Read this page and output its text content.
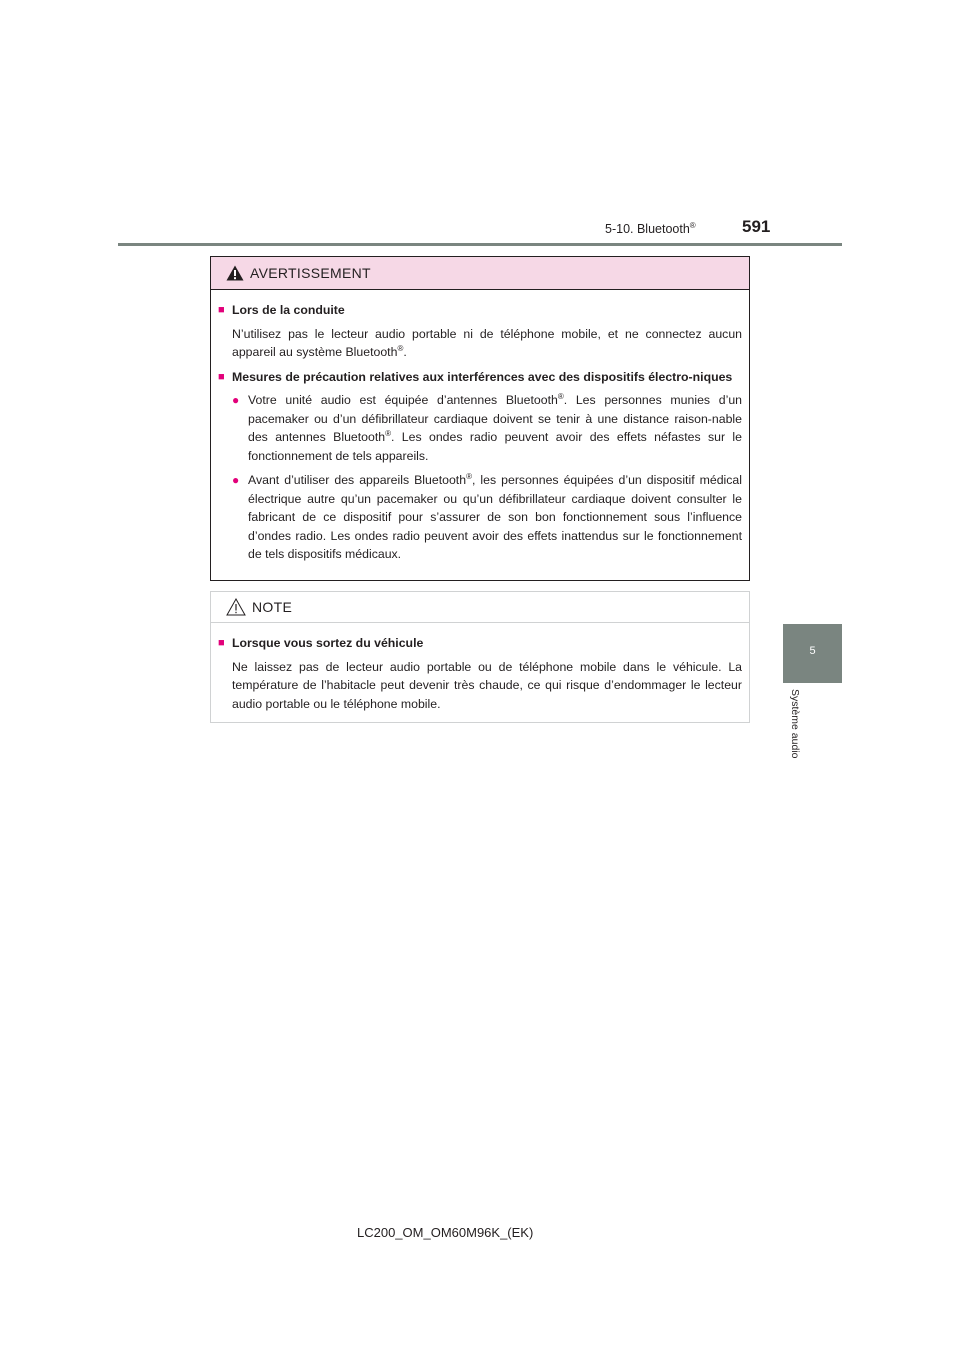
5-10. Bluetooth®	591
5
Système audio
AVERTISSEMENT
■ Lors de la conduite
N’utilisez pas le lecteur audio portable ni de téléphone mobile, et ne connectez aucun appareil au système Bluetooth®.
■ Mesures de précaution relatives aux interférences avec des dispositifs électro-niques
● Votre unité audio est équipée d’antennes Bluetooth®. Les personnes munies d’un pacemaker ou d’un défibrillateur cardiaque doivent se tenir à une distance raison-nable des antennes Bluetooth®. Les ondes radio peuvent avoir des effets néfastes sur le fonctionnement de tels appareils.
● Avant d’utiliser des appareils Bluetooth®, les personnes équipées d’un dispositif médical électrique autre qu’un pacemaker ou qu’un défibrillateur cardiaque doivent consulter le fabricant de ce dispositif pour s’assurer de son bon fonctionnement sous l’influence d’ondes radio. Les ondes radio peuvent avoir des effets inattendus sur le fonctionnement de tels dispositifs médicaux.
NOTE
■ Lorsque vous sortez du véhicule
Ne laissez pas de lecteur audio portable ou de téléphone mobile dans le véhicule. La température de l’habitacle peut devenir très chaude, ce qui risque d’endommager le lecteur audio portable ou le téléphone mobile.
LC200_OM_OM60M96K_(EK)
